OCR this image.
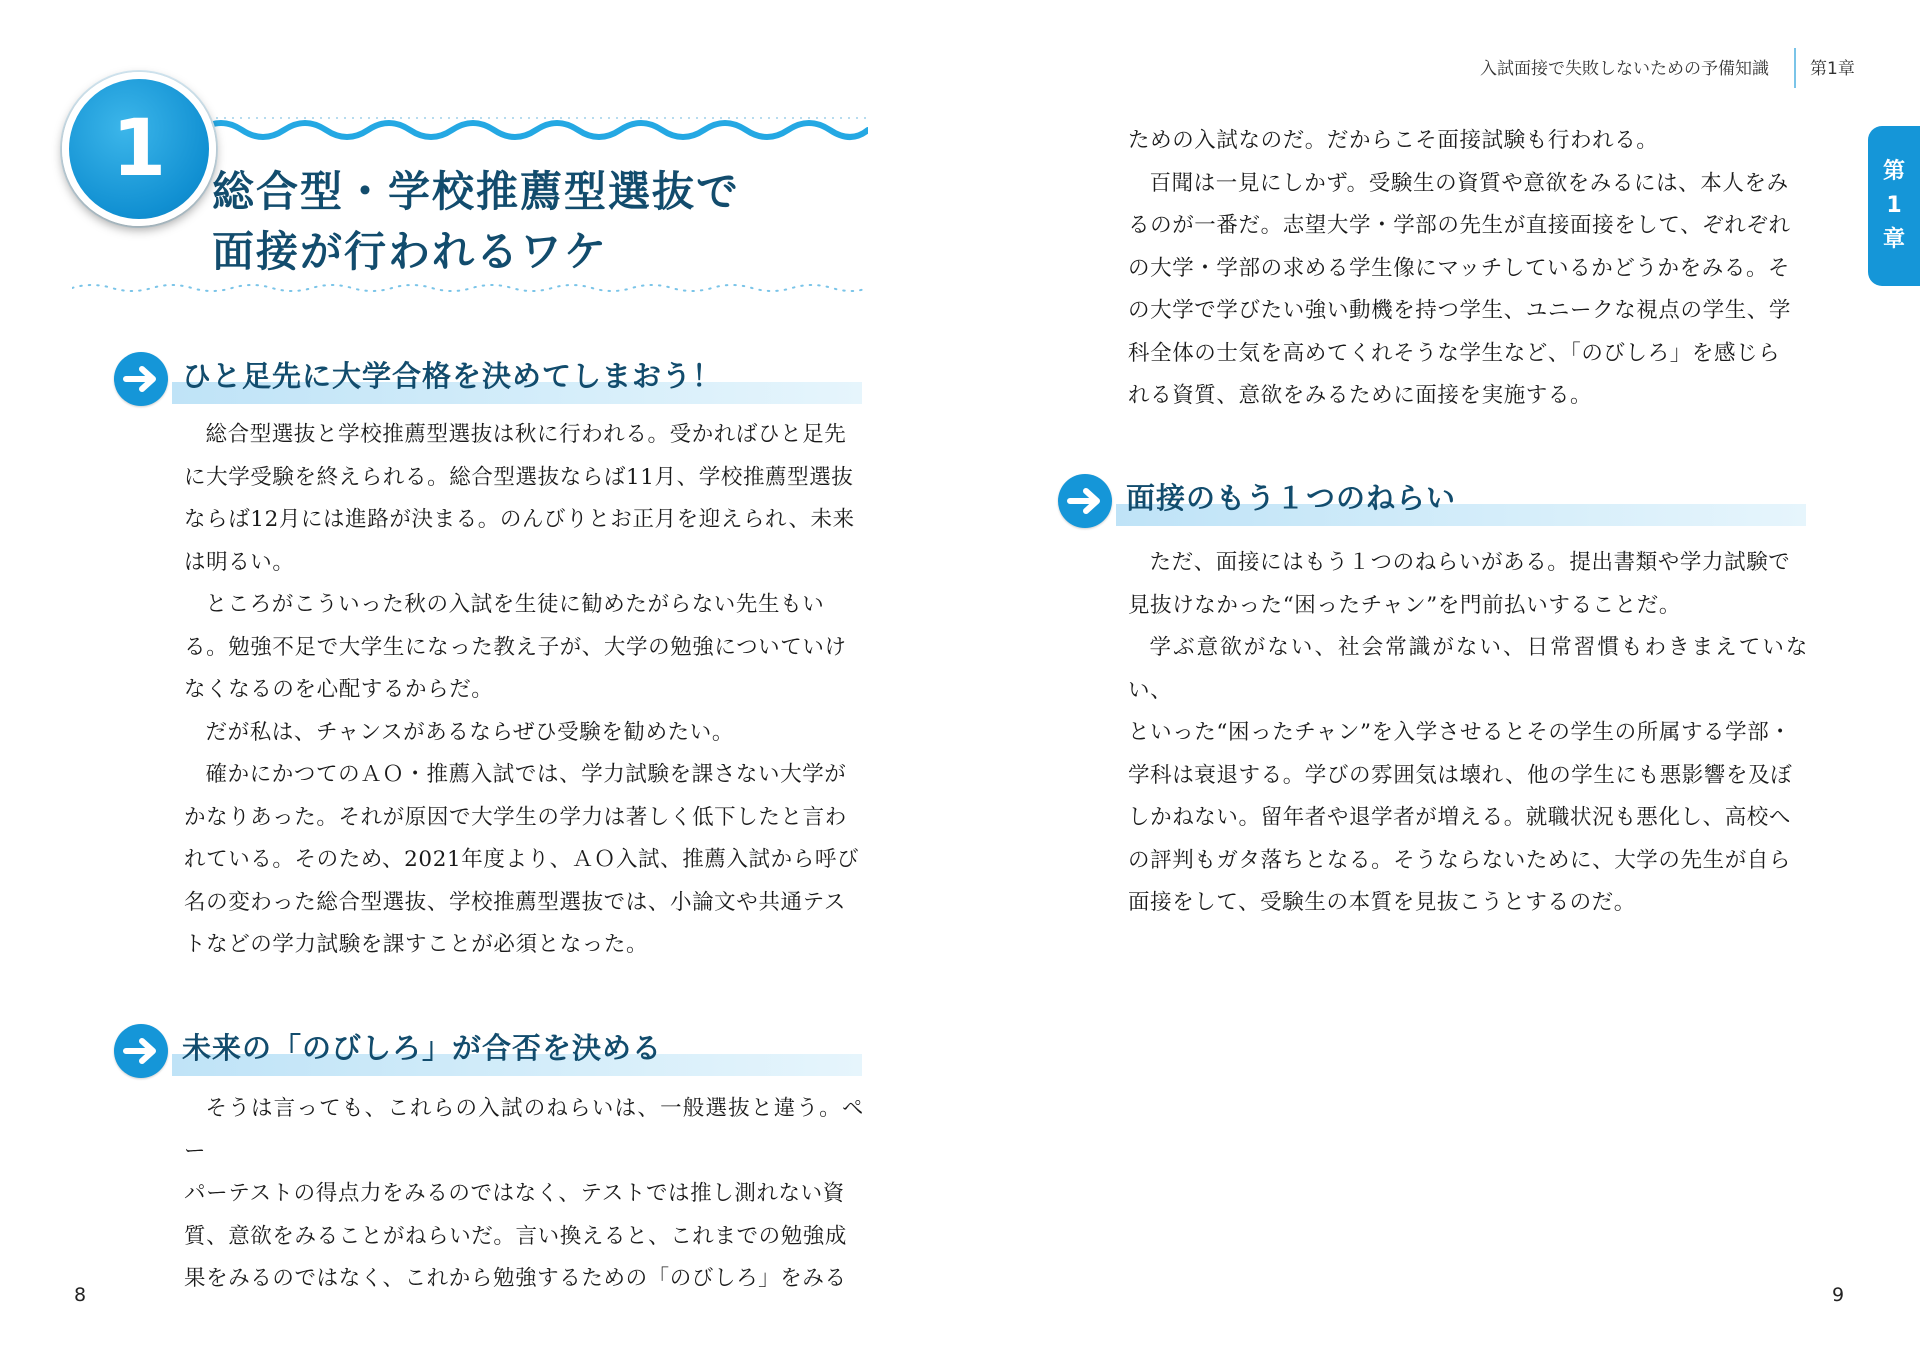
1 総合型・学校推薦型選抜で
面接が行われるワケ
ひと足先に大学合格を決めてしまおう！

総合型選抜と学校推薦型選抜は秋に行われる。受かればひと足先

に大学受験を終えられる。総合型選抜ならば11月、学校推薦型選抜

ならば12月には進路が決まる。のんびりとお正月を迎えられ、未来

は明るい。

ところがこういった秋の入試を生徒に勧めたがらない先生もい

る。勉強不足で大学生になった教え子が、大学の勉強についていけ

なくなるのを心配するからだ。

だが私は、チャンスがあるならぜひ受験を勧めたい。

確かにかつてのＡＯ・推薦入試では、学力試験を課さない大学が

かなりあった。それが原因で大学生の学力は著しく低下したと言わ

れている。そのため、2021年度より、ＡＯ入試、推薦入試から呼び

名の変わった総合型選抜、学校推薦型選抜では、小論文や共通テス

トなどの学力試験を課すことが必須となった。

未来の「のびしろ」が合否を決める

そうは言っても、これらの入試のねらいは、一般選抜と違う。ペー

パーテストの得点力をみるのではなく、テストでは推し測れない資

質、意欲をみることがねらいだ。言い換えると、これまでの勉強成

果をみるのではなく、これから勉強するための「のびしろ」をみる

8
入試面接で失敗しないための予備知識 第1章
第
1
章

ための入試なのだ。だからこそ面接試験も行われる。

百聞は一見にしかず。受験生の資質や意欲をみるには、本人をみ

るのが一番だ。志望大学・学部の先生が直接面接をして、ぞれぞれ

の大学・学部の求める学生像にマッチしているかどうかをみる。そ

の大学で学びたい強い動機を持つ学生、ユニークな視点の学生、学

科全体の士気を高めてくれそうな学生など、「のびしろ」を感じら

れる資質、意欲をみるために面接を実施する。

面接のもう１つのねらい

ただ、面接にはもう１つのねらいがある。提出書類や学力試験で

見抜けなかった“困ったチャン”を門前払いすることだ。

学ぶ意欲がない、社会常識がない、日常習慣もわきまえていない、

といった“困ったチャン”を入学させるとその学生の所属する学部・

学科は衰退する。学びの雰囲気は壊れ、他の学生にも悪影響を及ぼ

しかねない。留年者や退学者が増える。就職状況も悪化し、高校へ

の評判もガタ落ちとなる。そうならないために、大学の先生が自ら

面接をして、受験生の本質を見抜こうとするのだ。

9
